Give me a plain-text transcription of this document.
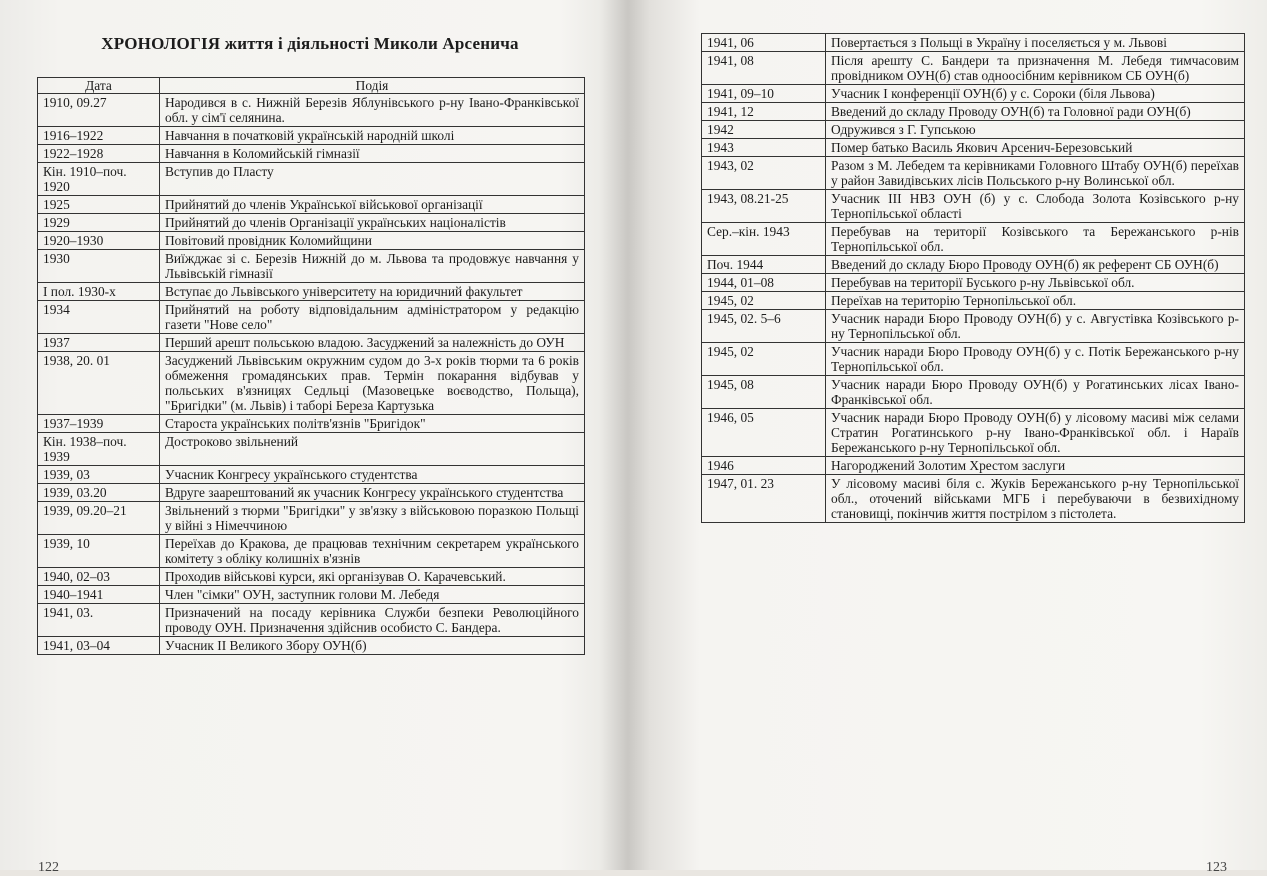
ХРОНОЛОГІЯ життя і діяльності Миколи Арсенича
Дата	Подія
1910, 09.27	Народився в с. Нижній Березів Яблунівського р-ну Івано-Франківської обл. у сім'ї селянина.
1916–1922	Навчання в початковій українській народній школі
1922–1928	Навчання в Коломийській гімназії
Кін. 1910–поч. 1920	Вступив до Пласту
1925	Прийнятий до членів Української військової організації
1929	Прийнятий до членів Організації українських націоналістів
1920–1930	Повітовий провідник Коломийщини
1930	Виїжджає зі с. Березів Нижній до м. Львова та продовжує навчання у Львівській гімназії
І пол. 1930-х	Вступає до Львівського університету на юридичний факультет
1934	Прийнятий на роботу відповідальним адміністратором у редакцію газети "Нове село"
1937	Перший арешт польською владою. Засуджений за належність до ОУН
1938, 20. 01	Засуджений Львівським окружним судом до 3-х років тюрми та 6 років обмеження громадянських прав. Термін покарання відбував у польських в'язницях Седльці (Мазовецьке воєводство, Польща), "Бригідки" (м. Львів) і таборі Береза Картузька
1937–1939	Староста українських політв'язнів "Бригідок"
Кін. 1938–поч. 1939	Достроково звільнений
1939, 03	Учасник Конгресу українського студентства
1939, 03.20	Вдруге заарештований як учасник Конгресу українського студентства
1939, 09.20–21	Звільнений з тюрми "Бригідки" у зв'язку з військовою поразкою Польщі у війні з Німеччиною
1939, 10	Переїхав до Кракова, де працював технічним секретарем українського комітету з обліку колишніх в'язнів
1940, 02–03	Проходив військові курси, які організував О. Карачевський.
1940–1941	Член "сімки" ОУН, заступник голови М. Лебедя
1941, 03.	Призначений на посаду керівника Служби безпеки Революційного проводу ОУН. Призначення здійснив особисто С. Бандера.
1941, 03–04	Учасник ІІ Великого Збору ОУН(б)
122
1941, 06	Повертається з Польщі в Україну і поселяється у м. Львові
1941, 08	Після арешту С. Бандери та призначення М. Лебедя тимчасовим провідником ОУН(б) став одноосібним керівником СБ ОУН(б)
1941, 09–10	Учасник І конференції ОУН(б) у с. Сороки (біля Львова)
1941, 12	Введений до складу Проводу ОУН(б) та Головної ради ОУН(б)
1942	Одружився з Г. Гупською
1943	Помер батько Василь Якович Арсенич-Березовський
1943, 02	Разом з М. Лебедем та керівниками Головного Штабу ОУН(б) переїхав у район Завидівських лісів Польського р-ну Волинської обл.
1943, 08.21-25	Учасник ІІІ НВЗ ОУН (б) у с. Слобода Золота Козівського р-ну Тернопільської області
Сер.–кін. 1943	Перебував на території Козівського та Бережанського р-нів Тернопільської обл.
Поч. 1944	Введений до складу Бюро Проводу ОУН(б) як референт СБ ОУН(б)
1944, 01–08	Перебував на території Буського р-ну Львівської обл.
1945, 02	Переїхав на територію Тернопільської обл.
1945, 02. 5–6	Учасник наради Бюро Проводу ОУН(б) у с. Августівка Козівського р-ну Тернопільської обл.
1945, 02	Учасник наради Бюро Проводу ОУН(б) у с. Потік Бережанського р-ну Тернопільської обл.
1945, 08	Учасник наради Бюро Проводу ОУН(б) у Рогатинських лісах Івано-Франківської обл.
1946, 05	Учасник наради Бюро Проводу ОУН(б) у лісовому масиві між селами Стратин Рогатинського р-ну Івано-Франківської обл. і Нараїв Бережанського р-ну Тернопільської обл.
1946	Нагороджений Золотим Хрестом заслуги
1947, 01. 23	У лісовому масиві біля с. Жуків Бережанського р-ну Тернопільської обл., оточений військами МГБ і перебуваючи в безвихідному становищі, покінчив життя пострілом з пістолета.
123
